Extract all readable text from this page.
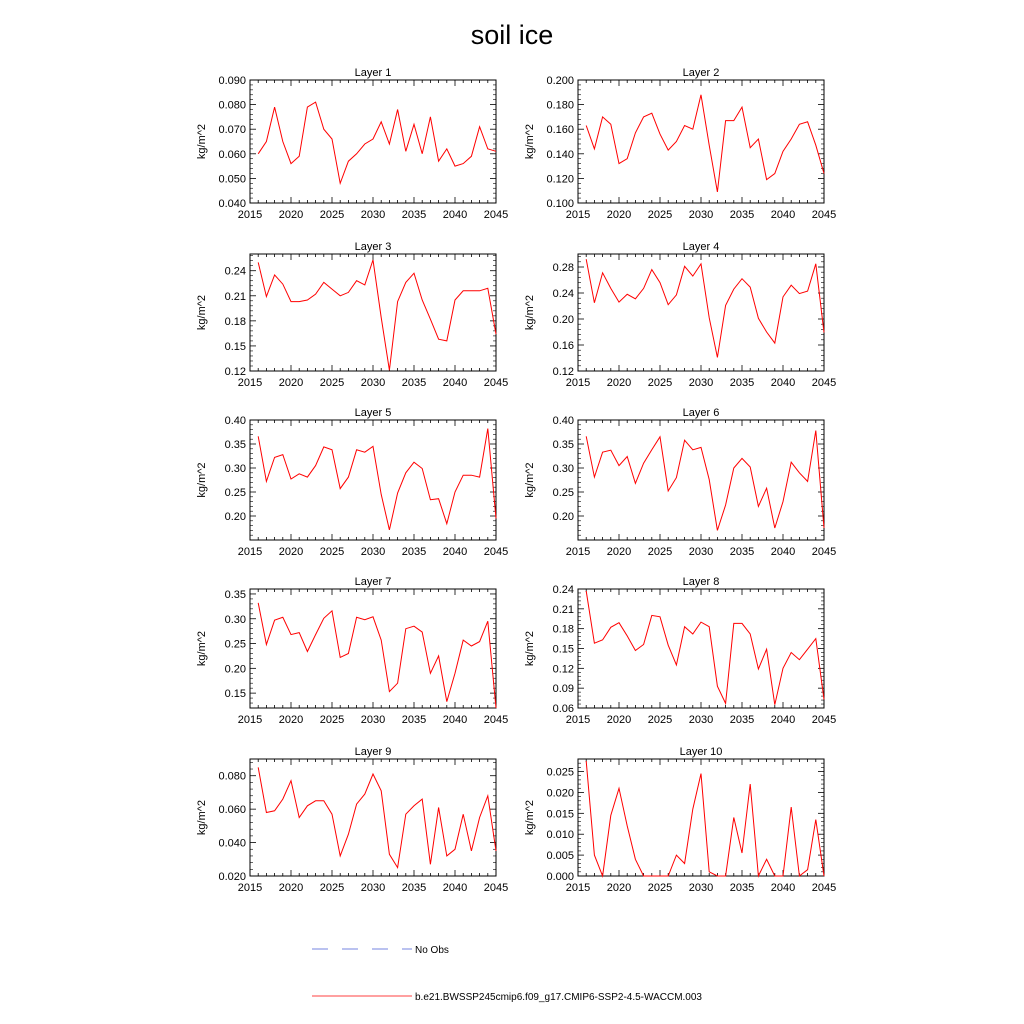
soil ice
Layer 1
kg/m^2
2015 2020 2025 2030 2035 2040 2045
0.040
0.050
0.060
0.070
0.080
0.090
Layer 2
kg/m^2
2015 2020 2025 2030 2035 2040 2045
0.100
0.120
0.140
0.160
0.180
0.200
Layer 3
kg/m^2
2015 2020 2025 2030 2035 2040 2045
0.12
0.15
0.18
0.21
0.24
Layer 4
kg/m^2
2015 2020 2025 2030 2035 2040 2045
0.12
0.16
0.20
0.24
0.28
Layer 5
kg/m^2
2015 2020 2025 2030 2035 2040 2045
0.20
0.25
0.30
0.35
0.40
Layer 6
kg/m^2
2015 2020 2025 2030 2035 2040 2045
0.20
0.25
0.30
0.35
0.40
Layer 7
kg/m^2
2015 2020 2025 2030 2035 2040 2045
0.15
0.20
0.25
0.30
0.35
Layer 8
kg/m^2
2015 2020 2025 2030 2035 2040 2045
0.06
0.09
0.12
0.15
0.18
0.21
0.24
Layer 9
kg/m^2
2015 2020 2025 2030 2035 2040 2045
0.020
0.040
0.060
0.080
Layer 10
kg/m^2
2015 2020 2025 2030 2035 2040 2045
0.000
0.005
0.010
0.015
0.020
0.025
No Obs
b.e21.BWSSP245cmip6.f09_g17.CMIP6-SSP2-4.5-WACCM.003
